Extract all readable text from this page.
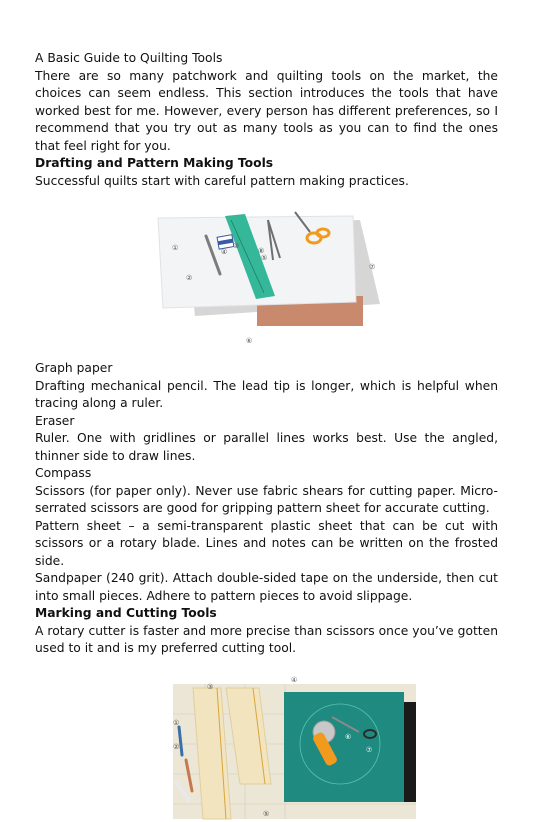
A Basic Guide to Quilting Tools

There are so many patchwork and quilting tools on the market, the choices can seem endless. This section introduces the tools that have worked best for me. However, every person has different preferences, so I recommend that you try out as many tools as you can to find the ones that feel right for you.

Drafting and Pattern Making Tools

Successful quilts start with careful pattern making practices.

①
②
③
④
⑤
⑥
⑦
⑧

Graph paper

Drafting mechanical pencil. The lead tip is longer, which is helpful when tracing along a ruler.

Eraser

Ruler. One with gridlines or parallel lines works best. Use the angled, thinner side to draw lines.

Compass

Scissors (for paper only). Never use fabric shears for cutting paper. Micro-serrated scissors are good for gripping pattern sheet for accurate cutting.

Pattern sheet – a semi-transparent plastic sheet that can be cut with scissors or a rotary blade. Lines and notes can be written on the frosted side.

Sandpaper (240 grit). Attach double-sided tape on the underside, then cut into small pieces. Adhere to pattern pieces to avoid slippage.

Marking and Cutting Tools

A rotary cutter is faster and more precise than scissors once you’ve gotten used to it and is my preferred cutting tool.

①
②
③
④
⑤
⑥
⑦
